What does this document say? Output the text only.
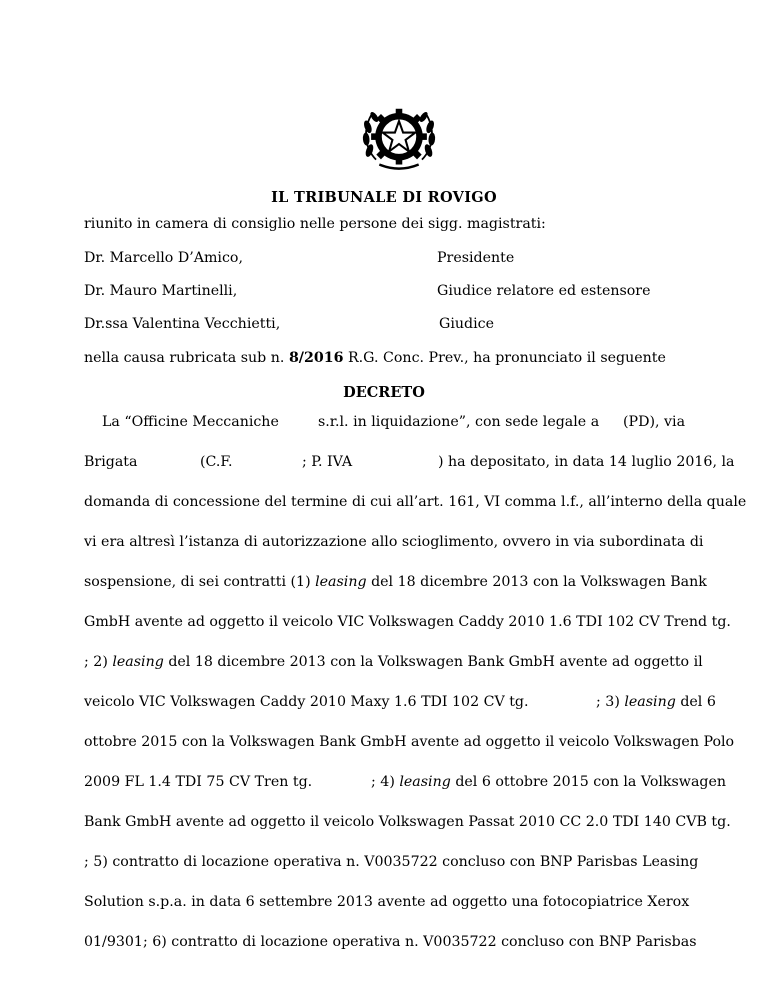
IL TRIBUNALE DI ROVIGO
riunito in camera di consiglio nelle persone dei sigg. magistrati:
Dr. Marcello D’Amico,	Presidente
Dr. Mauro Martinelli,	Giudice relatore ed estensore
Dr.ssa Valentina Vecchietti,	Giudice
nella causa rubricata sub n. 8/2016 R.G. Conc. Prev., ha pronunciato il seguente
DECRETO
La “Officine Meccaniche	s.r.l. in liquidazione”, con sede legale a (PD), via
Brigata	(C.F.	; P. IVA	) ha depositato, in data 14 luglio 2016, la
domanda di concessione del termine di cui all’art. 161, VI comma l.f., all’interno della quale
vi era altresì l’istanza di autorizzazione allo scioglimento, ovvero in via subordinata di
sospensione, di sei contratti (1) leasing del 18 dicembre 2013 con la Volkswagen Bank
GmbH avente ad oggetto il veicolo VIC Volkswagen Caddy 2010 1.6 TDI 102 CV Trend tg.
; 2) leasing del 18 dicembre 2013 con la Volkswagen Bank GmbH avente ad oggetto il
veicolo VIC Volkswagen Caddy 2010 Maxy 1.6 TDI 102 CV tg.	; 3) leasing del 6
ottobre 2015 con la Volkswagen Bank GmbH avente ad oggetto il veicolo Volkswagen Polo
2009 FL 1.4 TDI 75 CV Tren tg.	; 4) leasing del 6 ottobre 2015 con la Volkswagen
Bank GmbH avente ad oggetto il veicolo Volkswagen Passat 2010 CC 2.0 TDI 140 CVB tg.
; 5) contratto di locazione operativa n. V0035722 concluso con BNP Parisbas Leasing
Solution s.p.a. in data 6 settembre 2013 avente ad oggetto una fotocopiatrice Xerox
01/9301; 6) contratto di locazione operativa n. V0035722 concluso con BNP Parisbas
